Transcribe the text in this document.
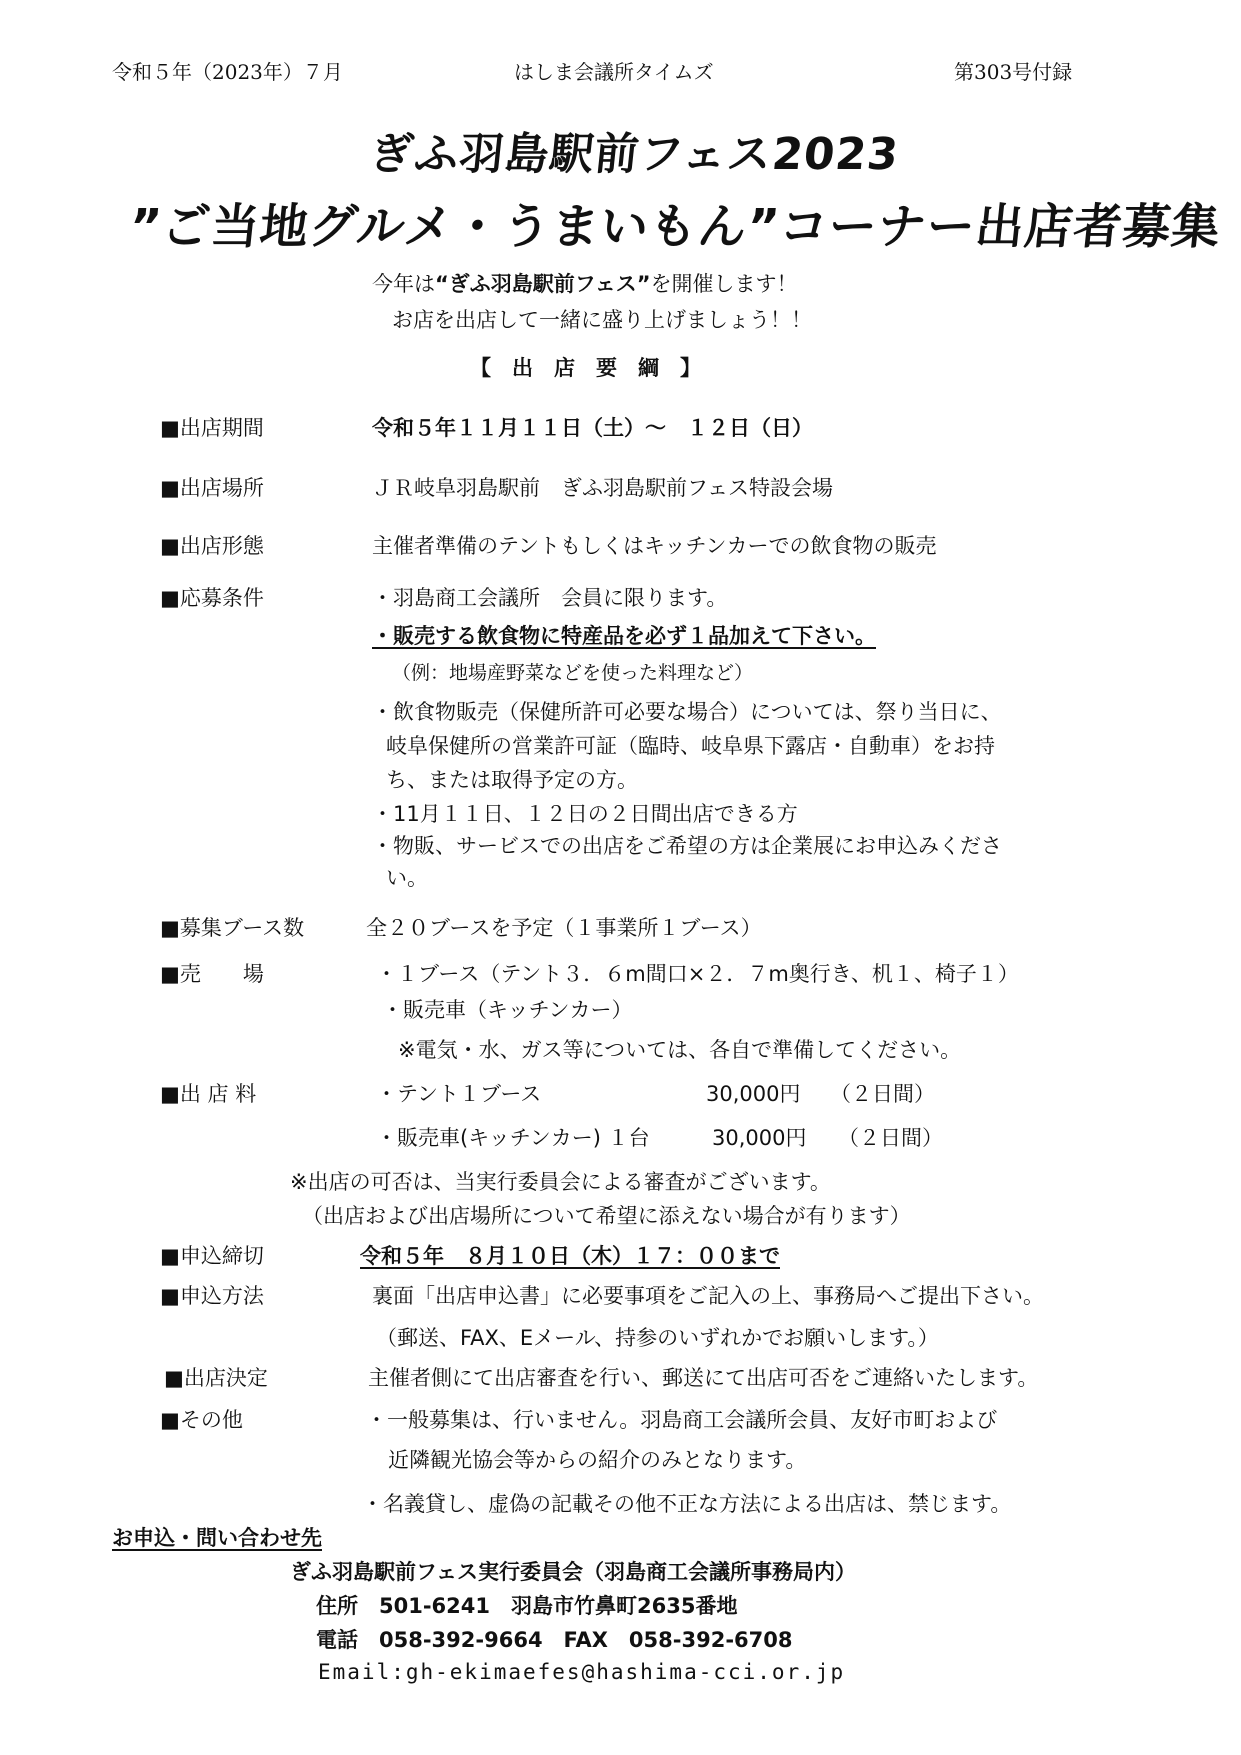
令和５年（2023年）７月	はしま会議所タイムズ	第303号付録
ぎふ羽島駅前フェス2023
”ご当地グルメ・うまいもん”コーナー出店者募集
今年は“ぎふ羽島駅前フェス”を開催します！
お店を出店して一緒に盛り上げましょう！！
【　出　店　要　綱　】
■出店期間	令和５年１１月１１日（土）～　１２日（日）
■出店場所	ＪＲ岐阜羽島駅前　ぎふ羽島駅前フェス特設会場
■出店形態	主催者準備のテントもしくはキッチンカーでの飲食物の販売
■応募条件	・羽島商工会議所　会員に限ります。
・販売する飲食物に特産品を必ず１品加えて下さい。
（例：地場産野菜などを使った料理など）
・飲食物販売（保健所許可必要な場合）については、祭り当日に、
岐阜保健所の営業許可証（臨時、岐阜県下露店・自動車）をお持
ち、または取得予定の方。
・11月１１日、１２日の２日間出店できる方
・物販、サービスでの出店をご希望の方は企業展にお申込みくださ
い。
■募集ブース数	全２０ブースを予定（１事業所１ブース）
■売　　場	・１ブース（テント３．６m間口×２．７m奥行き、机１、椅子１）
・販売車（キッチンカー）
※電気・水、ガス等については、各自で準備してください。
■出 店 料	・テント１ブース	30,000円 （２日間）
・販売車(キッチンカー) １台	30,000円 （２日間）
※出店の可否は、当実行委員会による審査がございます。
（出店および出店場所について希望に添えない場合が有ります）
■申込締切	令和５年　８月１０日（木）１７：００まで
■申込方法	裏面「出店申込書」に必要事項をご記入の上、事務局へご提出下さい。
（郵送、FAX、Eメール、持参のいずれかでお願いします。）
■出店決定	主催者側にて出店審査を行い、郵送にて出店可否をご連絡いたします。
■その他	・一般募集は、行いません。羽島商工会議所会員、友好市町および
近隣観光協会等からの紹介のみとなります。
・名義貸し、虚偽の記載その他不正な方法による出店は、禁じます。
お申込・問い合わせ先
ぎふ羽島駅前フェス実行委員会（羽島商工会議所事務局内）
住所　501-6241　羽島市竹鼻町2635番地
電話　058-392-9664　FAX　058-392-6708
Email:gh-ekimaefes@hashima-cci.or.jp
